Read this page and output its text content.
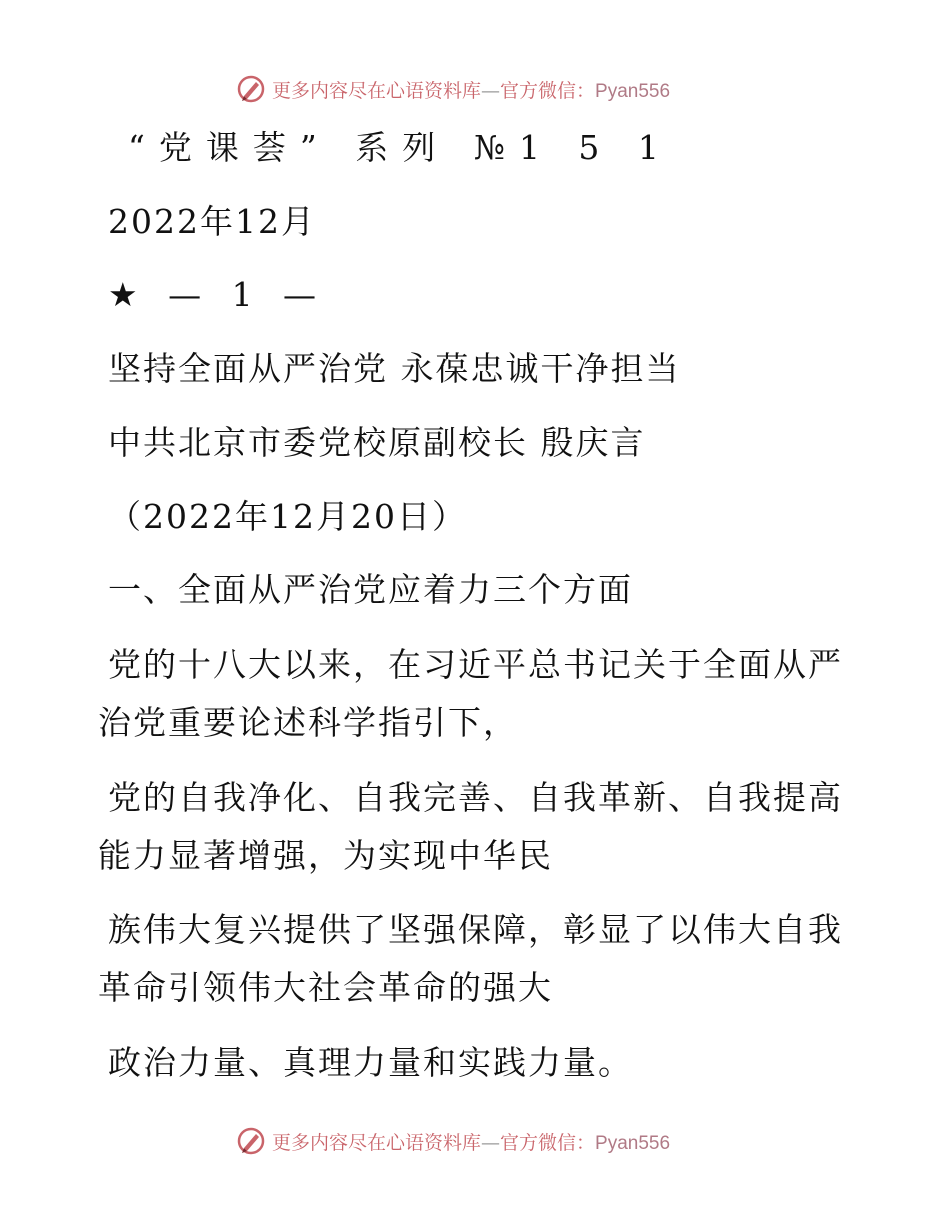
更多内容尽在心语资料库—官方微信：Pyan556
“党课荟” 系列 №1 5 1
2022年12月
★ — 1 —
坚持全面从严治党 永葆忠诚干净担当
中共北京市委党校原副校长 殷庆言
（2022年12月20日）
一、全面从严治党应着力三个方面
党的十八大以来，在习近平总书记关于全面从严
治党重要论述科学指引下，
党的自我净化、自我完善、自我革新、自我提高
能力显著增强，为实现中华民
族伟大复兴提供了坚强保障，彰显了以伟大自我
革命引领伟大社会革命的强大
政治力量、真理力量和实践力量。
更多内容尽在心语资料库—官方微信：Pyan556
